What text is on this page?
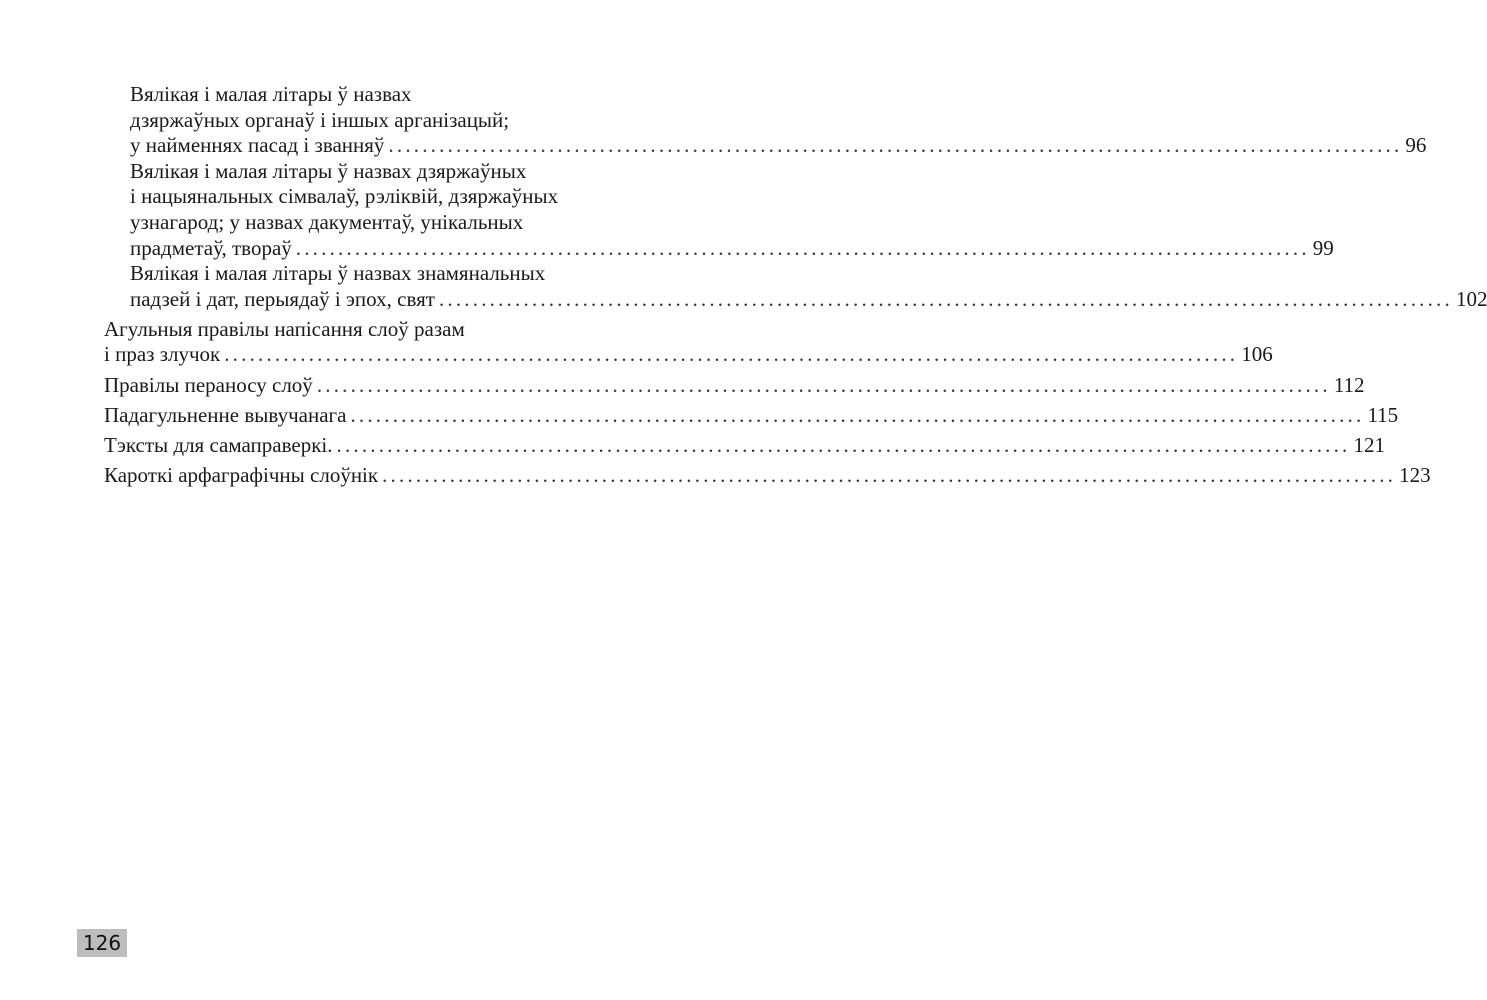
Вялікая і малая літары ў назвах
дзяржаўных органаў і іншых арганізацый;
у найменнях пасад і званняў ........................................................................................................................ 96
Вялікая і малая літары ў назвах дзяржаўных
і нацыянальных сімвалаў, рэліквій, дзяржаўных
узнагарод; у назвах дакументаў, унікальных
прадметаў, твораў ........................................................................................................................ 99
Вялікая і малая літары ў назвах знамянальных
падзей і дат, перыядаў і эпох, свят ........................................................................................................................ 102
Агульныя правілы напісання слоў разам
і праз злучок ........................................................................................................................ 106
Правілы пераносу слоў ........................................................................................................................ 112
Падагульненне вывучанага ........................................................................................................................ 115
Тэксты для самаправеркі. ........................................................................................................................ 121
Кароткі арфаграфічны слоўнік ........................................................................................................................ 123
126
